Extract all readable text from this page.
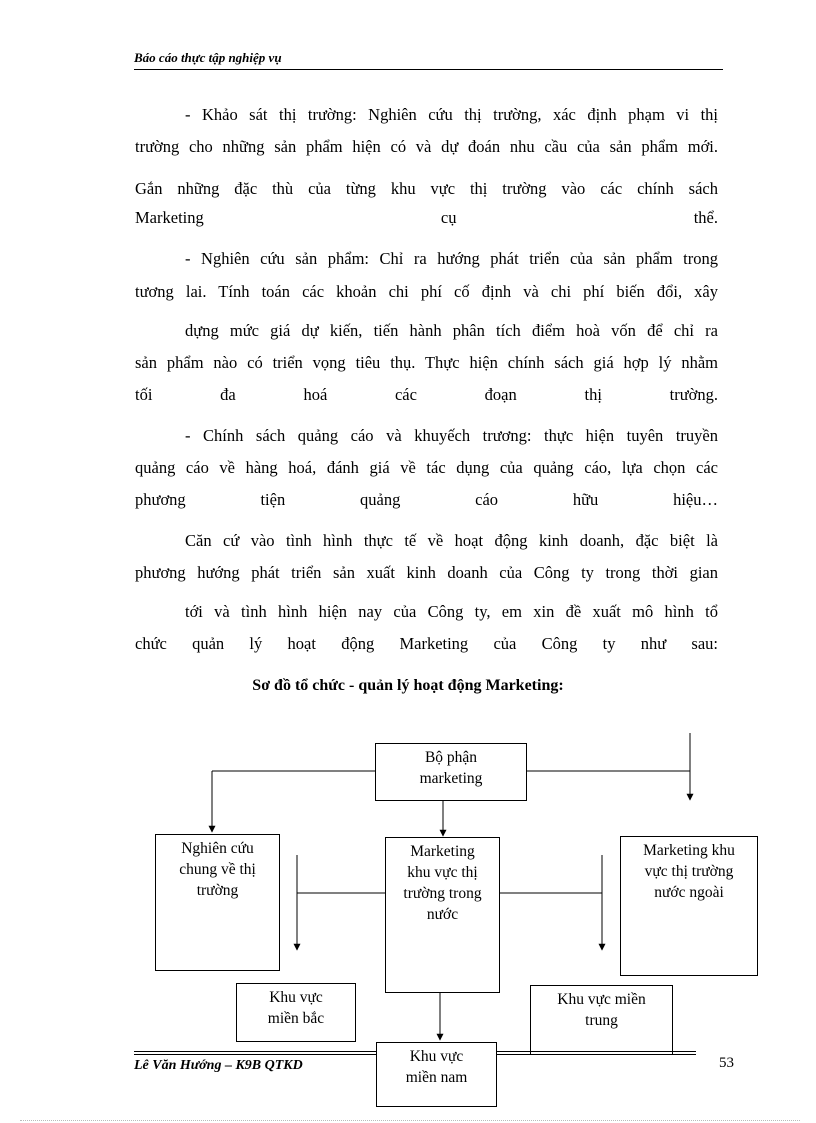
Báo cáo thực tập nghiệp vụ
- Khảo sát thị trường: Nghiên cứu thị trường, xác định phạm vi thị
trường cho những sản phẩm hiện có và dự đoán nhu cầu của sản phẩm mới.
Gắn những đặc thù của từng khu vực thị trường vào các chính sách
Marketing cụ thể.
- Nghiên cứu sản phẩm: Chỉ ra hướng phát triển của sản phẩm trong
tương lai. Tính toán các khoản chi phí cố định và chi phí biến đổi, xây
dựng mức giá dự kiến, tiến hành phân tích điểm hoà vốn để chỉ ra
sản phẩm nào có triển vọng tiêu thụ. Thực hiện chính sách giá hợp lý nhằm
tối đa hoá các đoạn thị trường.
- Chính sách quảng cáo và khuyếch trương: thực hiện tuyên truyền
quảng cáo về hàng hoá, đánh giá về tác dụng của quảng cáo, lựa chọn các
phương tiện quảng cáo hữu hiệu…
Căn cứ vào tình hình thực tế về hoạt động kinh doanh, đặc biệt là
phương hướng phát triển sản xuất kinh doanh của Công ty trong thời gian
tới và tình hình hiện nay của Công ty, em xin đề xuất mô hình tổ
chức quản lý hoạt động Marketing của Công ty như sau:
Sơ đồ tổ chức - quản lý hoạt động Marketing:
Bộ phận
marketing
Nghiên cứu
chung về thị
trường
Marketing
khu vực thị
trường trong
nước
Marketing khu
vực thị trường
nước ngoài
Khu vực
miền bắc
Khu vực miền
trung
Lê Văn Hướng – K9B QTKD	53
Khu vực
miền nam
